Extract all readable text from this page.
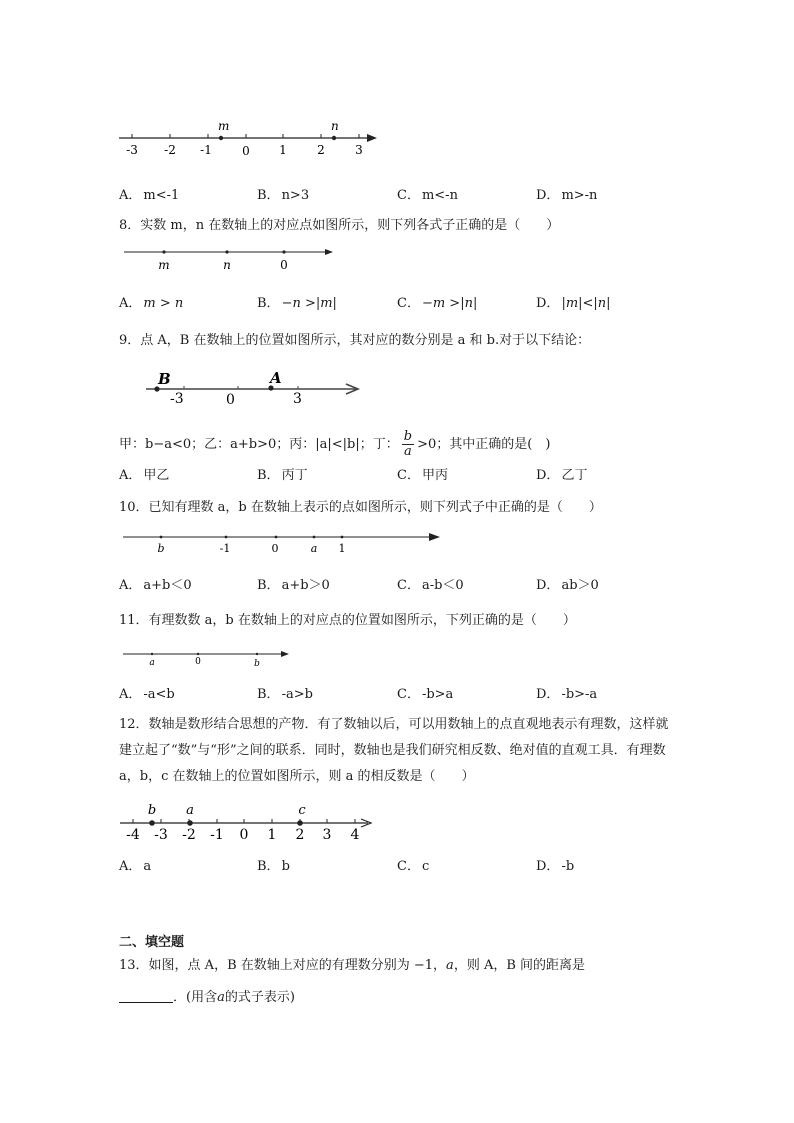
m	n
-3 -2 -1	0 1	2	3
A． m<-1	B． n>3	C． m<-n	D． m>-n
8．实数 m，n 在数轴上的对应点如图所示，则下列各式子正确的是（　　）
m	n	0
A． m > n	B． −n >|m|	C． −m >|n|	D． |m|<|n|
9．点 A，B 在数轴上的位置如图所示，其对应的数分别是 a 和 b.对于以下结论：
B
-3	0
A
3
甲：b−a<0；乙：a+b>0；丙：|a|<|b|；丁： $\frac{b}{a} >0$；其中正确的是(　)
A． 甲乙	B． 丙丁	C． 甲丙	D． 乙丁
10．已知有理数 a，b 在数轴上表示的点如图所示，则下列式子中正确的是（　　）
b	-1	0	a 1
A． a+b＜0	B． a+b＞0	C． a-b＜0	D． ab＞0
11．有理数数 a，b 在数轴上的对应点的位置如图所示，下列正确的是（　　）
a	0	b
A． -a<b	B． -a>b	C． -b>a	D． -b>-a
12．数轴是数形结合思想的产物．有了数轴以后，可以用数轴上的点直观地表示有理数，这样就建立起了“数”与“形”之间的联系．同时，数轴也是我们研究相反数、绝对值的直观工具．有理数 a，b，c 在数轴上的位置如图所示，则 a 的相反数是（　　）
b a	c
-4 -3 -2 -1 0 1 2 3 4
A． a	B． b	C． c	D． -b
二、填空题
13．如图，点 A，B 在数轴上对应的有理数分别为 −1，a，则 A，B 间的距离是
．(用含a的式子表示)
